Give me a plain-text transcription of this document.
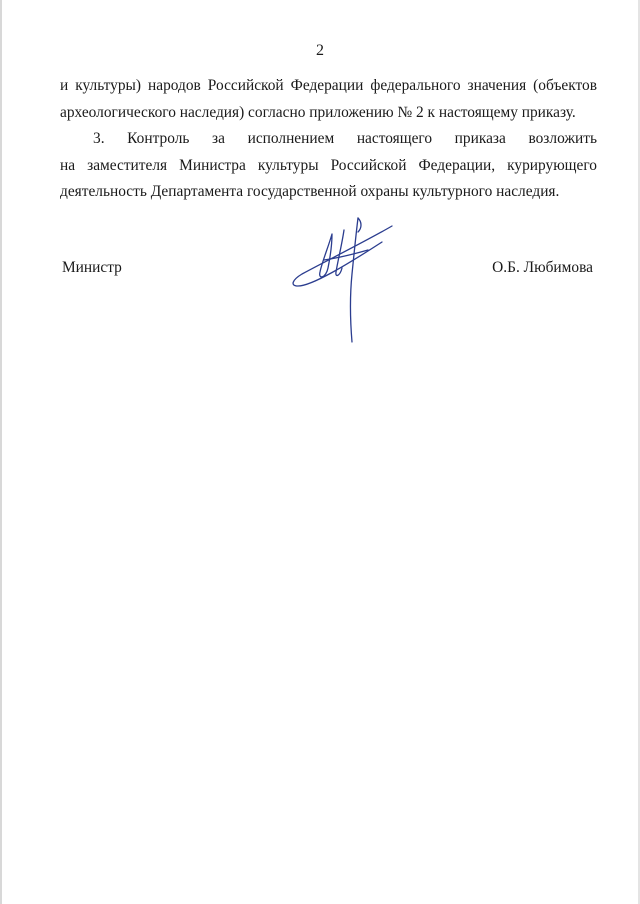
2
и культуры) народов Российской Федерации федерального значения (объектов
археологического наследия) согласно приложению № 2 к настоящему приказу.
3. Контроль за исполнением настоящего приказа возложить
на заместителя Министра культуры Российской Федерации, курирующего
деятельность Департамента государственной охраны культурного наследия.
Министр	О.Б. Любимова
